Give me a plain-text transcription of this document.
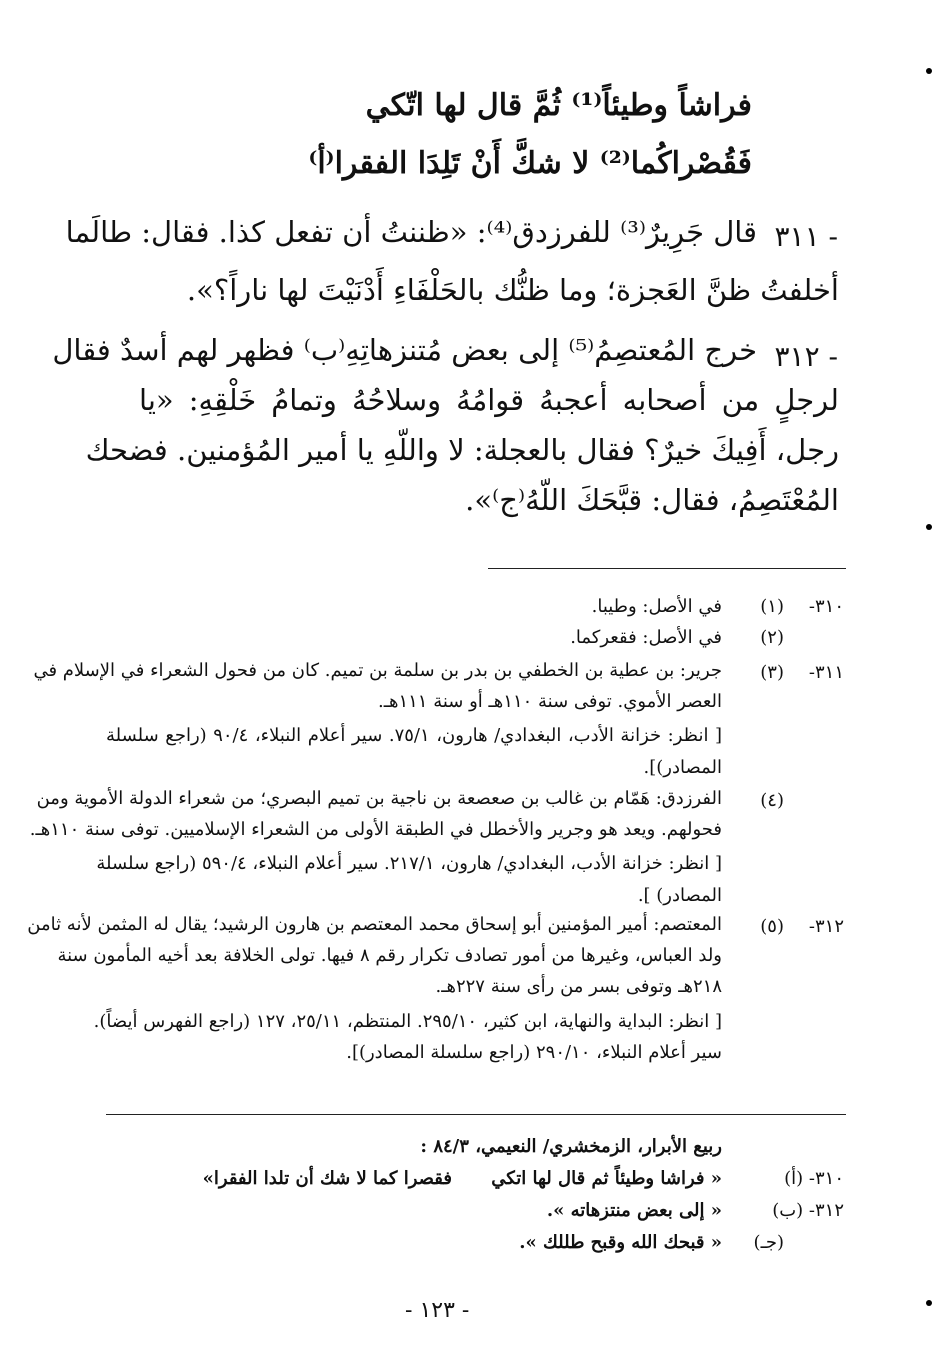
فراشاً وطيئاً⁽¹⁾ ثُمَّ قال لها اتّكي
فَقُصْراكُما⁽²⁾ لا شكَّ أَنْ تَلِدَا الفقرا⁽أ⁾
٣١١ -
قال جَرِيرٌ⁽³⁾ للفرزدق⁽⁴⁾: «ظننتُ أن تفعل كذا. فقال: طالَما
أخلفتُ ظنَّ العَجزة؛ وما ظنُّك بالحَلْفَاءِ أَدْنَيْتَ لها ناراً؟».
٣١٢ -
خرج المُعتصِمُ⁽⁵⁾ إلى بعض مُتنزهاتِهِ⁽ب⁾ فظهر لهم أسدٌ فقال
لرجلٍ من أصحابه أعجبهُ قوامُهُ وسلاحُهُ وتمامُ خَلْقِهِ: «يا
رجل، أَفِيكَ خيرٌ؟ فقال بالعجلة: لا واللّهِ يا أمير المُؤمنين. فضحك
المُعْتَصِمُ، فقال: قبَّحَكَ اللّهُ⁽ج⁾».
٣١٠-
(١)
في الأصل: وطيبا.
(٢)
في الأصل: فقعركما.
٣١١-
(٣)
جرير: بن عطية بن الخطفي بن بدر بن سلمة بن تميم. كان من فحول الشعراء في الإسلام في
العصر الأموي. توفى سنة ١١٠هـ أو سنة ١١١هـ.
[ انظر: خزانة الأدب، البغدادي/ هارون، ٧٥/١. سير أعلام النبلاء، ٩٠/٤ (راجع سلسلة
المصادر)].
(٤)
الفرزدق: هَمّام بن غالب بن صعصعة بن ناجية بن تميم البصري؛ من شعراء الدولة الأموية ومن
فحولهم. ويعد هو وجرير والأخطل في الطبقة الأولى من الشعراء الإسلاميين. توفى سنة ١١٠هـ.
[ انظر: خزانة الأدب، البغدادي/ هارون، ٢١٧/١. سير أعلام النبلاء، ٥٩٠/٤ (راجع سلسلة
المصادر) ].
٣١٢-
(٥)
المعتصم: أمير المؤمنين أبو إسحاق محمد المعتصم بن هارون الرشيد؛ يقال له المثمن لأنه ثامن
ولد العباس، وغيرها من أمور تصادف تكرار رقم ٨ فيها. تولى الخلافة بعد أخيه المأمون سنة
٢١٨هـ وتوفى بسر من رأى سنة ٢٢٧هـ.
[ انظر: البداية والنهاية، ابن كثير، ٢٩٥/١٠. المنتظم، ٢٥/١١، ١٢٧ (راجع الفهرس أيضاً).
سير أعلام النبلاء، ٢٩٠/١٠ (راجع سلسلة المصادر)].
ربيع الأبرار، الزمخشري/ النعيمي، ٨٤/٣ :
٣١٠- (أ)
« فراشا وطيئاً ثم قال لها اتكي
فقصرا كما لا شك أن تلدا الفقرا»
٣١٢- (ب)
« إلى بعض منتزهاته ».
(جـ)
« قبحك الله وقبح طللك ».
- ١٢٣ -
